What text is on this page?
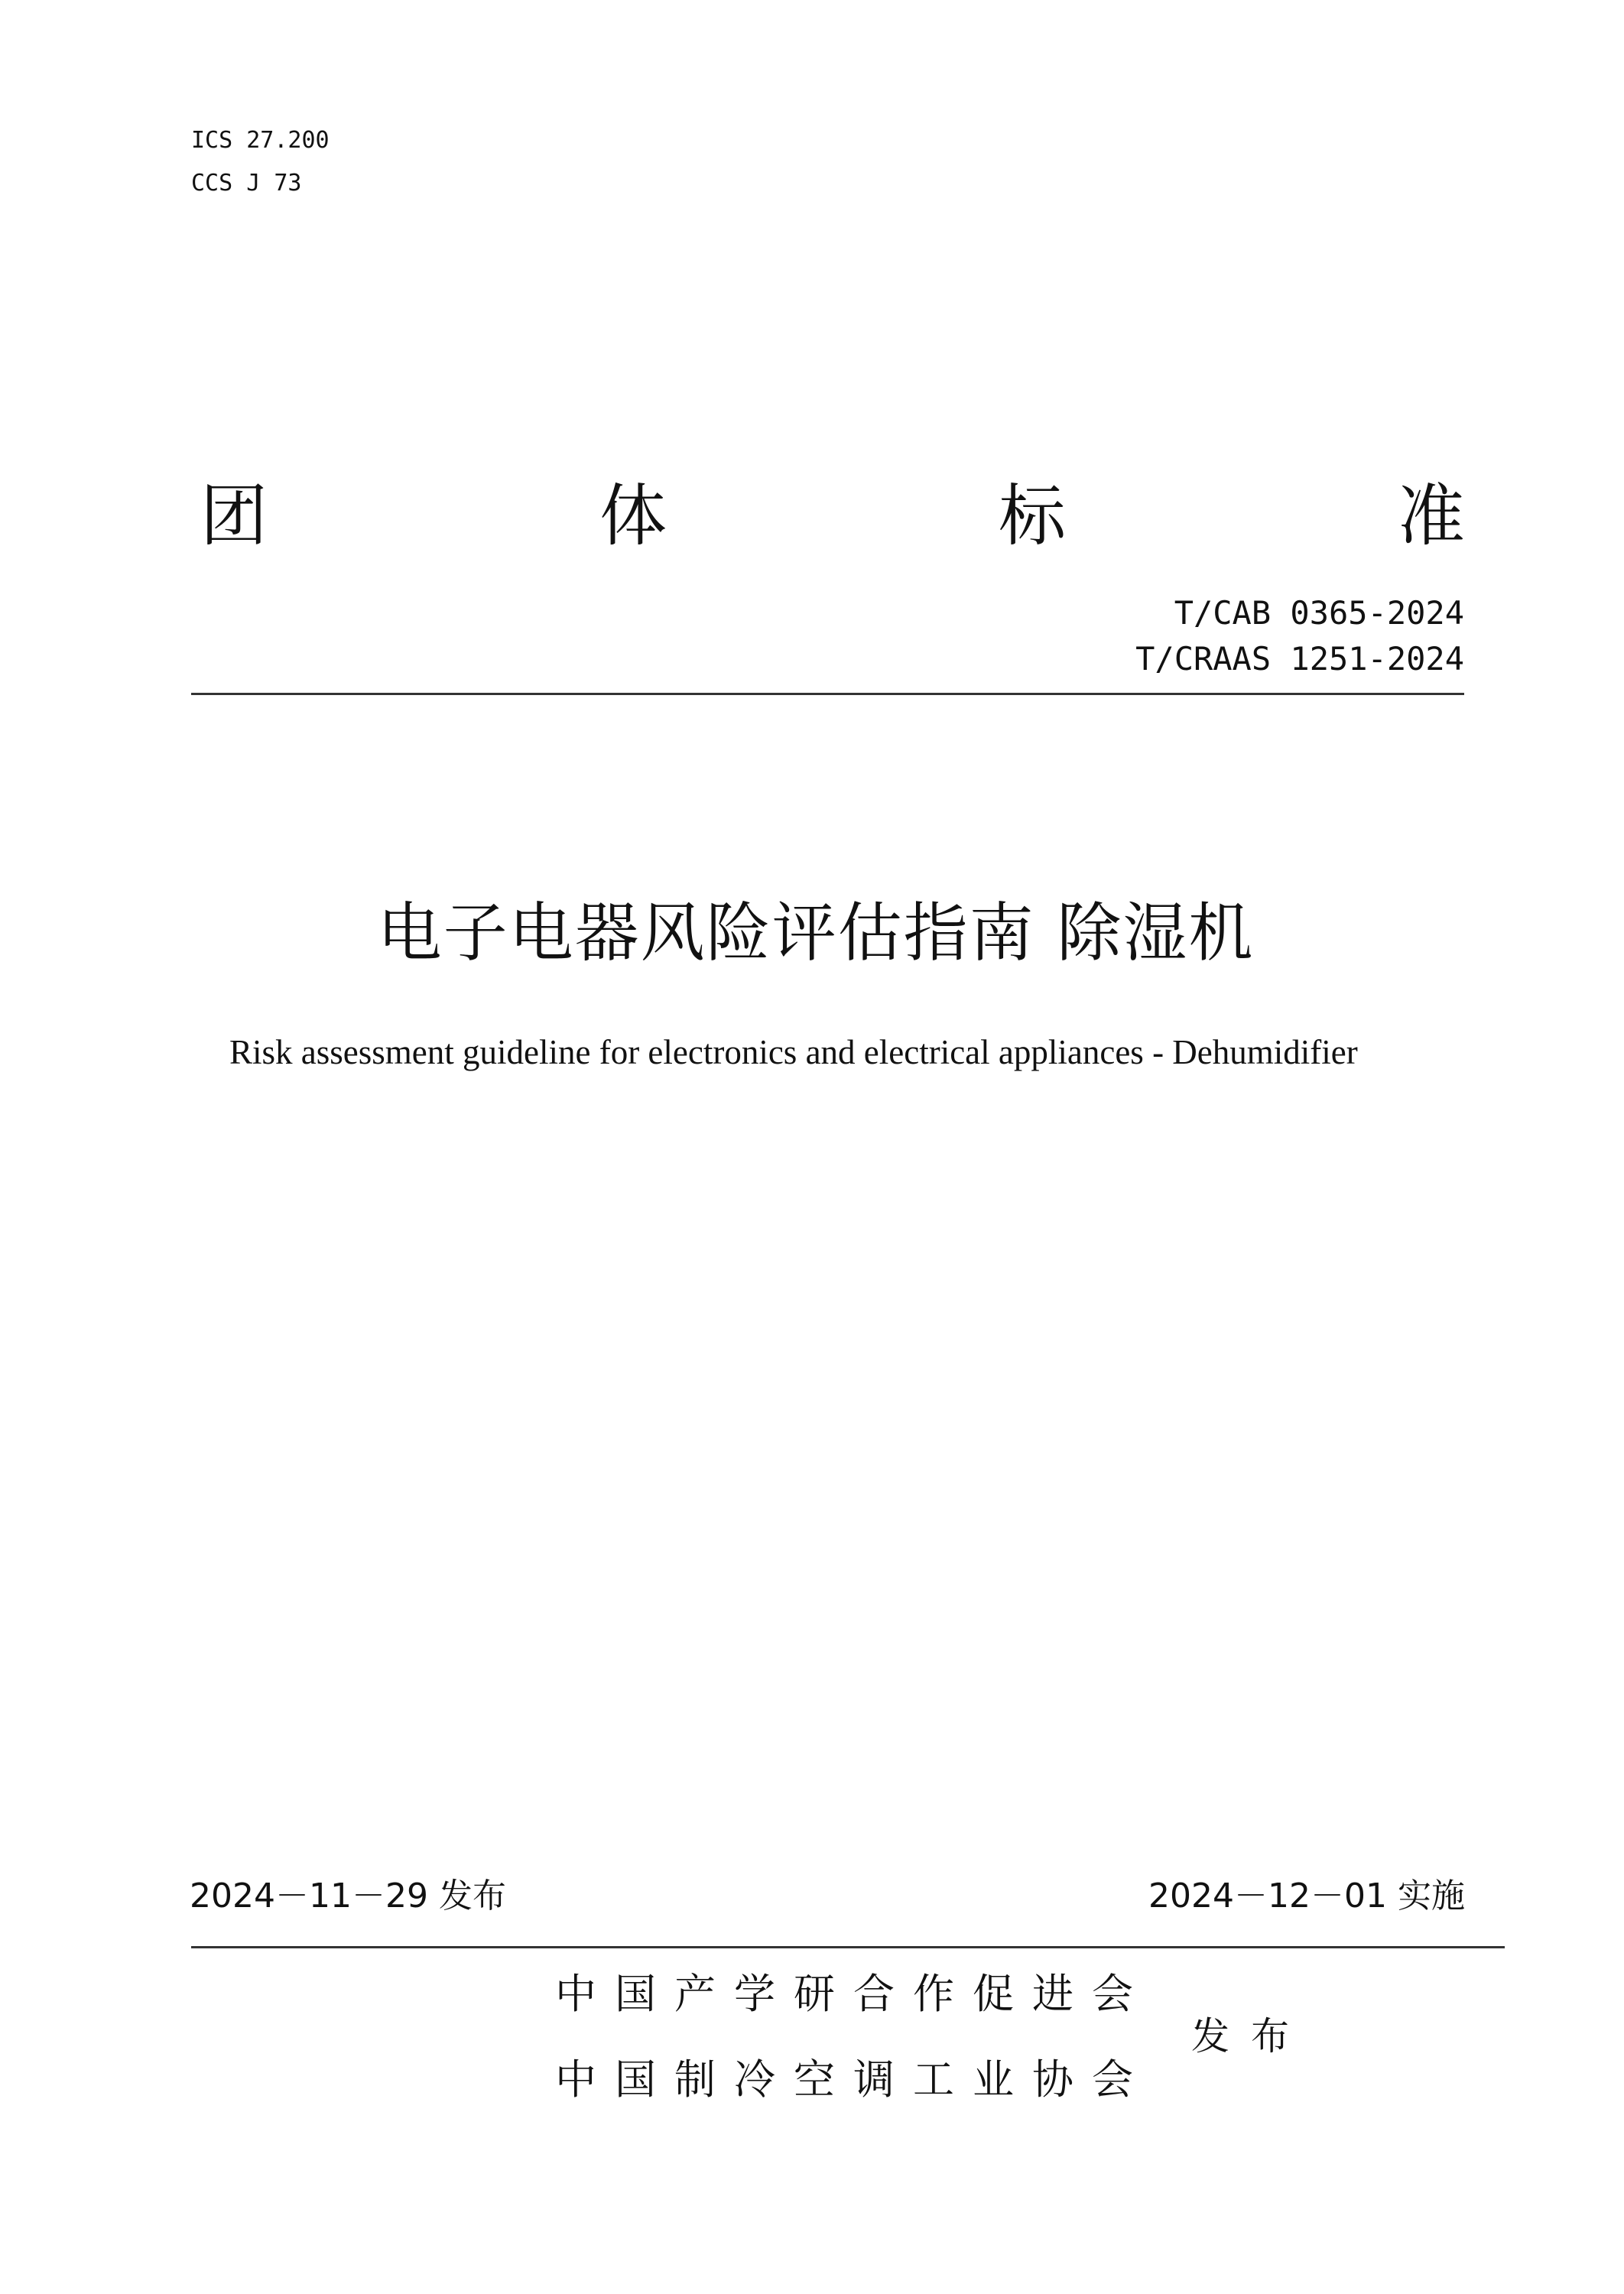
ICS 27.200
CCS J 73
团	体	标	准
T/CAB 0365-2024
T/CRAAS 1251-2024
电子电器风险评估指南 除湿机
Risk assessment guideline for electronics and electrical appliances - Dehumidifier
2024－11－29 发布	2024－12－01 实施
中国产学研合作促进会
中国制冷空调工业协会
发布
